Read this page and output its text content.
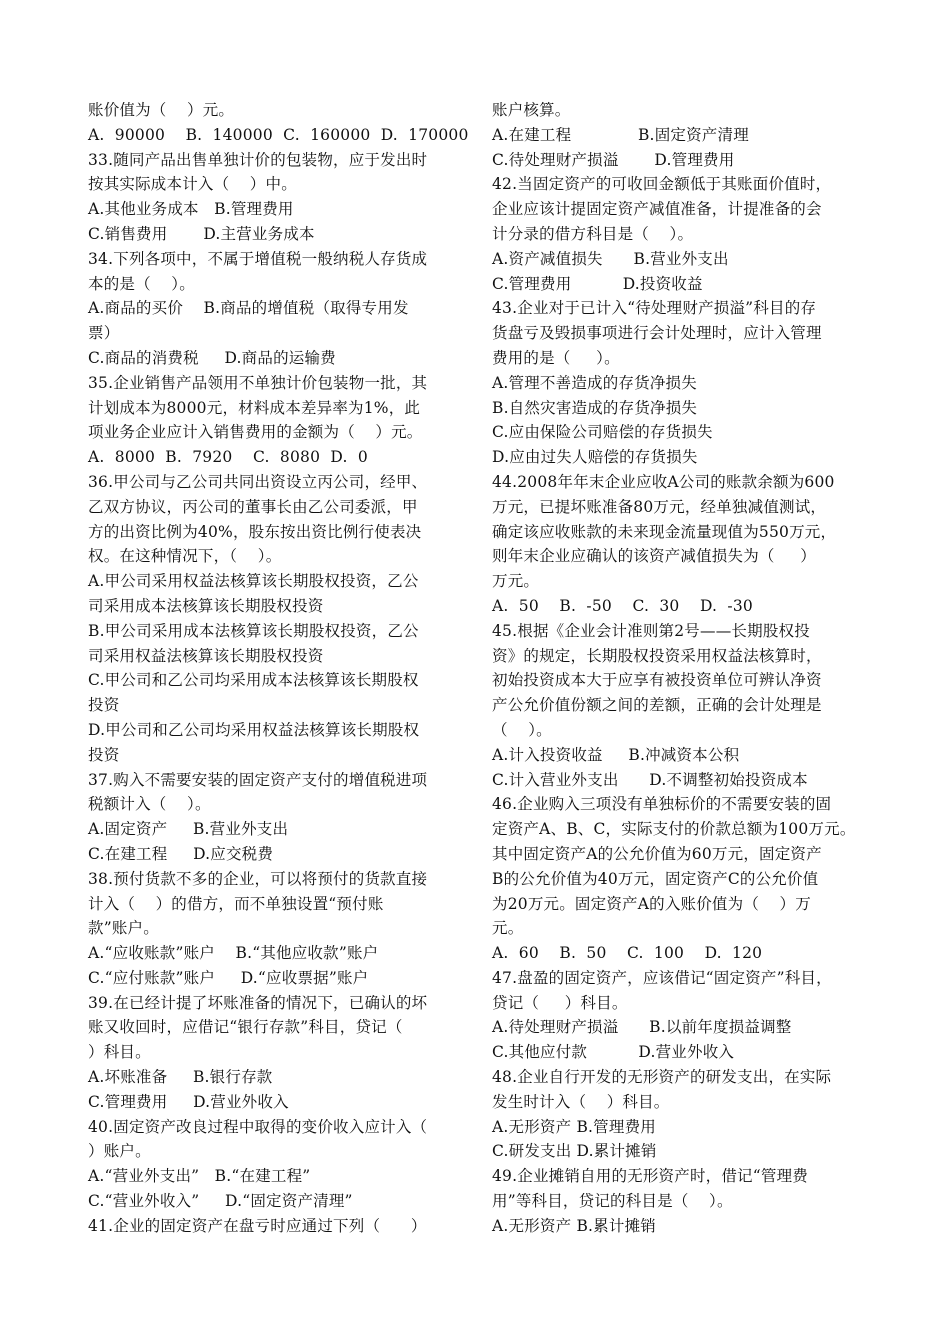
账价值为（    ）元。
A.  90000    B.  140000  C.  160000  D.  170000
33.随同产品出售单独计价的包装物，应于发出时
按其实际成本计入（    ）中。
A.其他业务成本   B.管理费用
C.销售费用       D.主营业务成本
34.下列各项中，不属于增值税一般纳税人存货成
本的是（    ）。
A.商品的买价    B.商品的增值税（取得专用发
票）
C.商品的消费税     D.商品的运输费
35.企业销售产品领用不单独计价包装物一批，其
计划成本为8000元，材料成本差异率为1%，此
项业务企业应计入销售费用的金额为（    ）元。
A.  8000  B.  7920    C.  8080  D.  0
36.甲公司与乙公司共同出资设立丙公司，经甲、
乙双方协议，丙公司的董事长由乙公司委派，甲
方的出资比例为40%，股东按出资比例行使表决
权。在这种情况下，（    ）。
A.甲公司采用权益法核算该长期股权投资，乙公
司采用成本法核算该长期股权投资
B.甲公司采用成本法核算该长期股权投资，乙公
司采用权益法核算该长期股权投资
C.甲公司和乙公司均采用成本法核算该长期股权
投资
D.甲公司和乙公司均采用权益法核算该长期股权
投资
37.购入不需要安装的固定资产支付的增值税进项
税额计入（    ）。
A.固定资产     B.营业外支出
C.在建工程     D.应交税费
38.预付货款不多的企业，可以将预付的货款直接
计入（    ）的借方，而不单独设置“预付账
款”账户。
A.“应收账款”账户    B.“其他应收款”账户
C.“应付账款”账户     D.“应收票据”账户
39.在已经计提了坏账准备的情况下，已确认的坏
账又收回时，应借记“银行存款”科目，贷记（
）科目。
A.坏账准备     B.银行存款
C.管理费用     D.营业外收入
40.固定资产改良过程中取得的变价收入应计入（
）账户。
A.“营业外支出”   B.“在建工程”
C.“营业外收入”     D.“固定资产清理”
41.企业的固定资产在盘亏时应通过下列（      ）
账户核算。
A.在建工程             B.固定资产清理
C.待处理财产损溢       D.管理费用
42.当固定资产的可收回金额低于其账面价值时，
企业应该计提固定资产减值准备，计提准备的会
计分录的借方科目是（    ）。
A.资产减值损失      B.营业外支出
C.管理费用          D.投资收益
43.企业对于已计入“待处理财产损溢”科目的存
货盘亏及毁损事项进行会计处理时，应计入管理
费用的是（     ）。
A.管理不善造成的存货净损失
B.自然灾害造成的存货净损失
C.应由保险公司赔偿的存货损失
D.应由过失人赔偿的存货损失
44.2008年年末企业应收A公司的账款余额为600
万元，已提坏账准备80万元，经单独减值测试，
确定该应收账款的未来现金流量现值为550万元，
则年末企业应确认的该资产减值损失为（     ）
万元。
A.  50    B.  -50    C.  30    D.  -30
45.根据《企业会计准则第2号——长期股权投
资》的规定，长期股权投资采用权益法核算时，
初始投资成本大于应享有被投资单位可辨认净资
产公允价值份额之间的差额，正确的会计处理是
（    ）。
A.计入投资收益     B.冲减资本公积
C.计入营业外支出      D.不调整初始投资成本
46.企业购入三项没有单独标价的不需要安装的固
定资产A、B、C，实际支付的价款总额为100万元。
其中固定资产A的公允价值为60万元，固定资产
B的公允价值为40万元，固定资产C的公允价值
为20万元。固定资产A的入账价值为（    ）万
元。
A.  60    B.  50    C.  100    D.  120
47.盘盈的固定资产，应该借记“固定资产”科目，
贷记（     ）科目。
A.待处理财产损溢      B.以前年度损益调整
C.其他应付款          D.营业外收入
48.企业自行开发的无形资产的研发支出，在实际
发生时计入（    ）科目。
A.无形资产 B.管理费用
C.研发支出 D.累计摊销
49.企业摊销自用的无形资产时，借记“管理费
用”等科目，贷记的科目是（    ）。
A.无形资产 B.累计摊销
